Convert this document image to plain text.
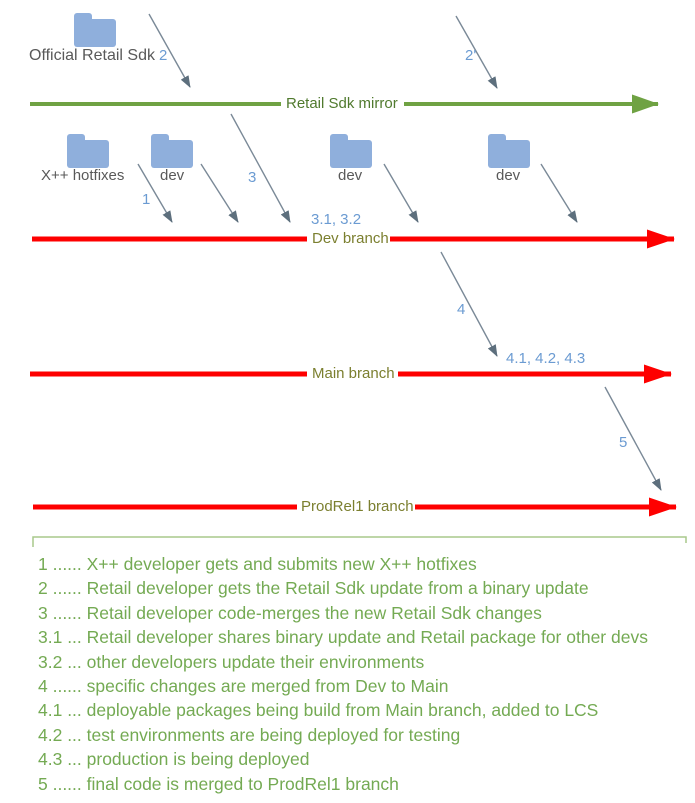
Official Retail Sdk
X++ hotfixes dev	dev	dev
Retail Sdk mirror
Dev branch
Main branch
ProdRel1 branch
2	2'
1
3
3.1, 3.2
4
4.1, 4.2, 4.3
5
1 ...... X++ developer gets and submits new X++ hotfixes
2 ...... Retail developer gets the Retail Sdk update from a binary update
3 ...... Retail developer code-merges the new Retail Sdk changes
3.1 ... Retail developer shares binary update and Retail package for other devs
3.2 ... other developers update their environments
4 ...... specific changes are merged from Dev to Main
4.1 ... deployable packages being build from Main branch, added to LCS
4.2 ... test environments are being deployed for testing
4.3 ... production is being deployed
5 ...... final code is merged to ProdRel1 branch
